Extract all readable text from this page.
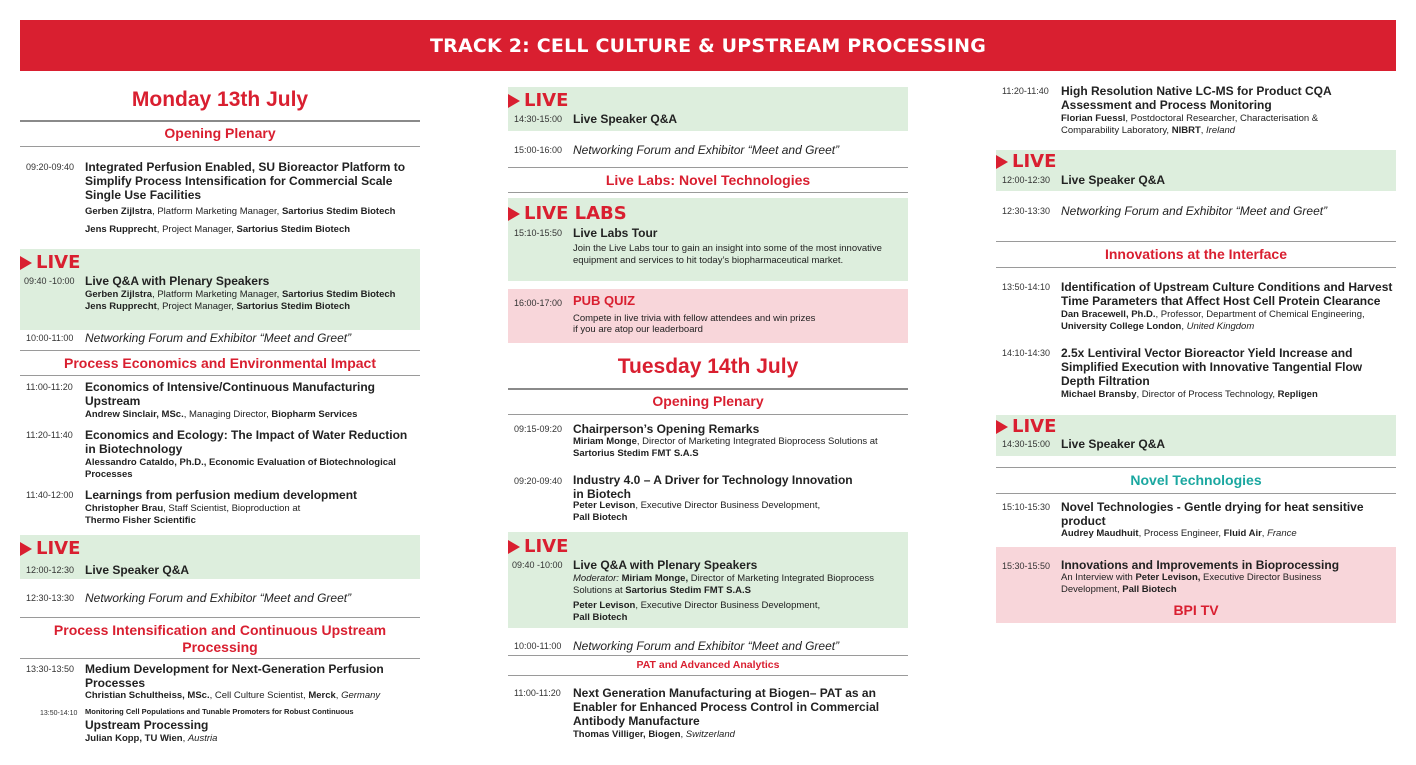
TRACK 2: CELL CULTURE & UPSTREAM PROCESSING
Monday 13th July
Opening Plenary
09:20-09:40 Integrated Perfusion Enabled, SU Bioreactor Platform to Simplify Process Intensification for Commercial Scale Single Use Facilities
Gerben Zijlstra, Platform Marketing Manager, Sartorius Stedim Biotech
Jens Rupprecht, Project Manager, Sartorius Stedim Biotech
LIVE
09:40 -10:00 Live Q&A with Plenary Speakers
Gerben Zijlstra, Platform Marketing Manager, Sartorius Stedim Biotech
Jens Rupprecht, Project Manager, Sartorius Stedim Biotech
10:00-11:00 Networking Forum and Exhibitor “Meet and Greet”
Process Economics and Environmental Impact
11:00-11:20 Economics of Intensive/Continuous Manufacturing Upstream
Andrew Sinclair, MSc., Managing Director, Biopharm Services
11:20-11:40 Economics and Ecology: The Impact of Water Reduction in Biotechnology
Alessandro Cataldo, Ph.D., Economic Evaluation of Biotechnological Processes
11:40-12:00 Learnings from perfusion medium development
Christopher Brau, Staff Scientist, Bioproduction at
Thermo Fisher Scientific
LIVE
12:00-12:30 Live Speaker Q&A
12:30-13:30 Networking Forum and Exhibitor “Meet and Greet”
Process Intensification and Continuous Upstream Processing
13:30-13:50 Medium Development for Next-Generation Perfusion Processes
Christian Schultheiss, MSc., Cell Culture Scientist, Merck, Germany
13:50-14:10 Monitoring Cell Populations and Tunable Promoters for Robust Continuous
Upstream Processing
Julian Kopp, TU Wien, Austria
LIVE
14:30-15:00 Live Speaker Q&A
15:00-16:00 Networking Forum and Exhibitor “Meet and Greet”
Live Labs: Novel Technologies
LIVE LABS
15:10-15:50 Live Labs Tour
Join the Live Labs tour to gain an insight into some of the most innovative equipment and services to hit today’s biopharmaceutical market.
16:00-17:00 PUB QUIZ
Compete in live trivia with fellow attendees and win prizes
if you are atop our leaderboard
Tuesday 14th July
Opening Plenary
09:15-09:20 Chairperson’s Opening Remarks
Miriam Monge, Director of Marketing Integrated Bioprocess Solutions at
Sartorius Stedim FMT S.A.S
09:20-09:40 Industry 4.0 – A Driver for Technology Innovation
in Biotech
Peter Levison, Executive Director Business Development,
Pall Biotech
LIVE
09:40 -10:00 Live Q&A with Plenary Speakers
Moderator: Miriam Monge, Director of Marketing Integrated Bioprocess Solutions at Sartorius Stedim FMT S.A.S
Peter Levison, Executive Director Business Development,
Pall Biotech
10:00-11:00 Networking Forum and Exhibitor “Meet and Greet”
PAT and Advanced Analytics
11:00-11:20 Next Generation Manufacturing at Biogen– PAT as an Enabler for Enhanced Process Control in Commercial Antibody Manufacture
Thomas Villiger, Biogen, Switzerland
11:20-11:40 High Resolution Native LC-MS for Product CQA Assessment and Process Monitoring
Florian Fuessl, Postdoctoral Researcher, Characterisation & Comparability Laboratory, NIBRT, Ireland
LIVE
12:00-12:30 Live Speaker Q&A
12:30-13:30 Networking Forum and Exhibitor “Meet and Greet”
Innovations at the Interface
13:50-14:10 Identification of Upstream Culture Conditions and Harvest Time Parameters that Affect Host Cell Protein Clearance
Dan Bracewell, Ph.D., Professor, Department of Chemical Engineering,
University College London, United Kingdom
14:10-14:30 2.5x Lentiviral Vector Bioreactor Yield Increase and Simplified Execution with Innovative Tangential Flow Depth Filtration
Michael Bransby, Director of Process Technology, Repligen
LIVE
14:30-15:00 Live Speaker Q&A
Novel Technologies
15:10-15:30 Novel Technologies - Gentle drying for heat sensitive product
Audrey Maudhuit, Process Engineer, Fluid Air, France
15:30-15:50 Innovations and Improvements in Bioprocessing
An Interview with Peter Levison, Executive Director Business Development, Pall Biotech
BPI TV
